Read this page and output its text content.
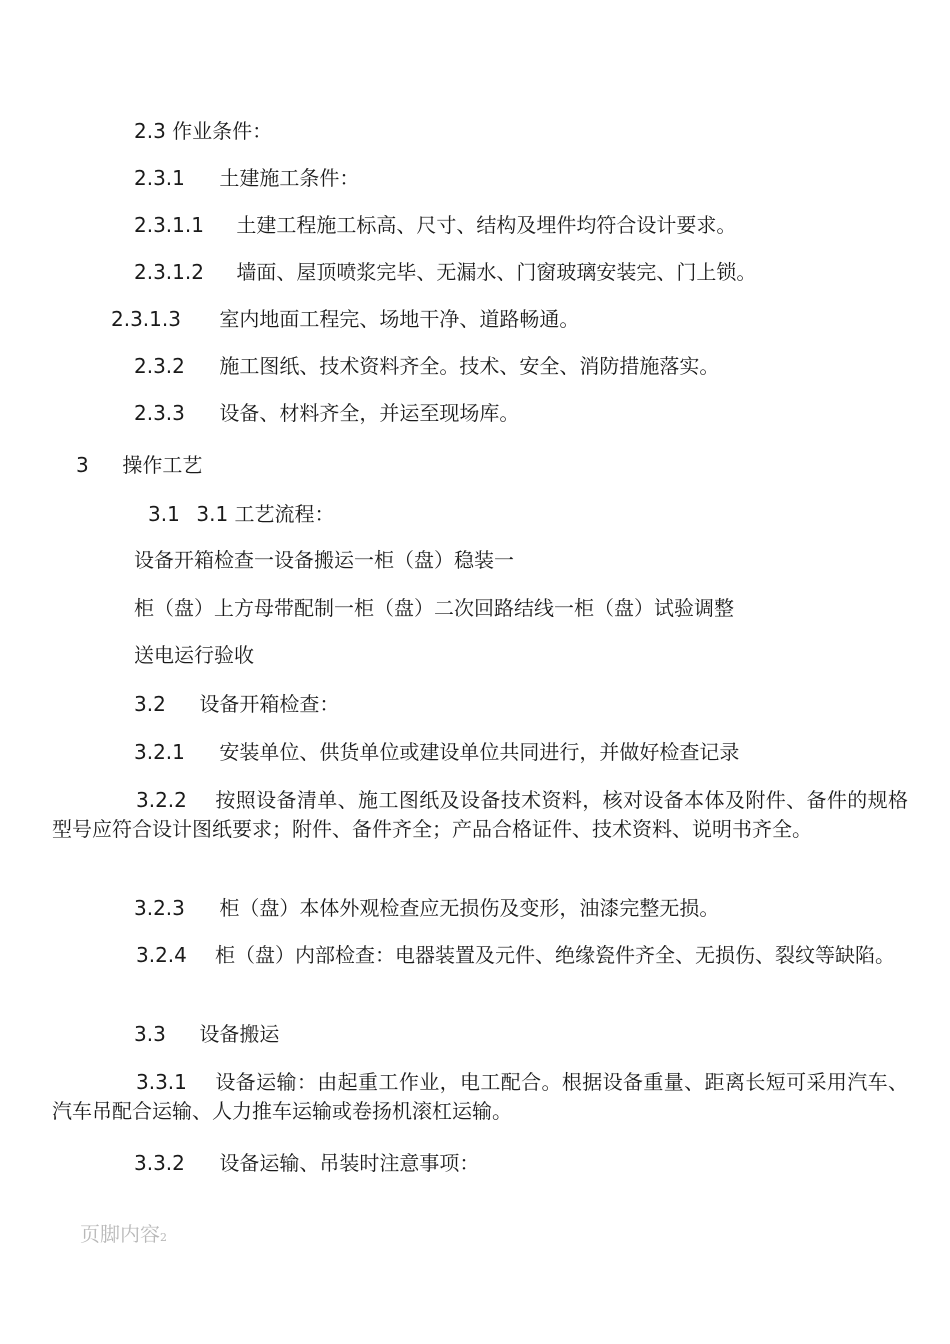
2.3 作业条件：
2.3.1 土建施工条件：
2.3.1.1 土建工程施工标高、尺寸、结构及埋件均符合设计要求。
2.3.1.2 墙面、屋顶喷浆完毕、无漏水、门窗玻璃安装完、门上锁。
2.3.1.3 室内地面工程完、场地干净、道路畅通。
2.3.2 施工图纸、技术资料齐全。技术、安全、消防措施落实。
2.3.3 设备、材料齐全，并运至现场库。
3 操作工艺
3.1 3.1 工艺流程：
设备开箱检查一设备搬运一柜（盘）稳装一
柜（盘）上方母带配制一柜（盘）二次回路结线一柜（盘）试验调整
送电运行验收
3.2 设备开箱检查：
3.2.1 安装单位、供货单位或建设单位共同进行，并做好检查记录
3.2.2 按照设备清单、施工图纸及设备技术资料，核对设备本体及附件、备件的规格型号应符合设计图纸要求；附件、备件齐全；产品合格证件、技术资料、说明书齐全。
3.2.3 柜（盘）本体外观检查应无损伤及变形，油漆完整无损。
3.2.4 柜（盘）内部检查：电器装置及元件、绝缘瓷件齐全、无损伤、裂纹等缺陷。
3.3 设备搬运
3.3.1 设备运输：由起重工作业，电工配合。根据设备重量、距离长短可采用汽车、汽车吊配合运输、人力推车运输或卷扬机滚杠运输。
3.3.2 设备运输、吊装时注意事项：
页脚内容2
